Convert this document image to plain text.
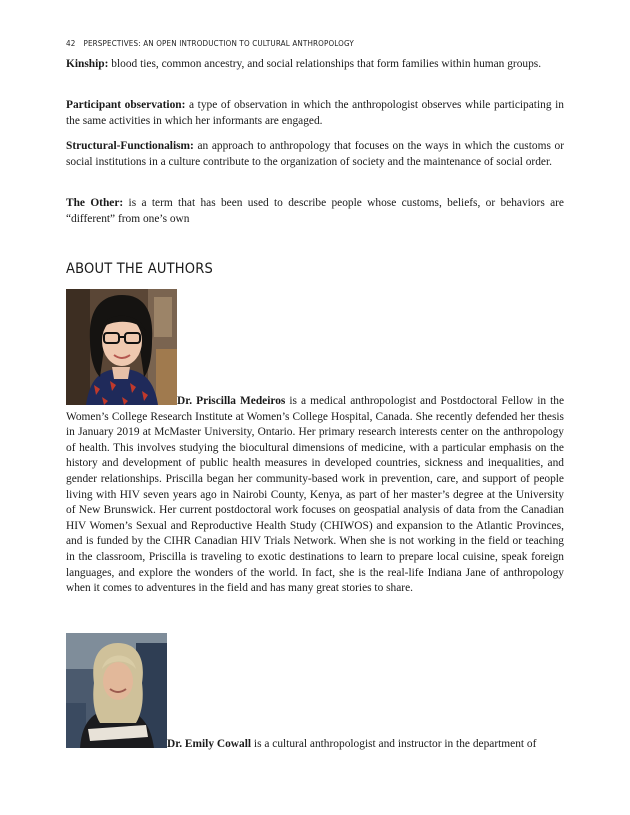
42 PERSPECTIVES: AN OPEN INTRODUCTION TO CULTURAL ANTHROPOLOGY

Kinship: blood ties, common ancestry, and social relationships that form families within human groups.

Participant observation: a type of observation in which the anthropologist observes while participating in the same activities in which her informants are engaged.

Structural-Functionalism: an approach to anthropology that focuses on the ways in which the customs or social institutions in a culture contribute to the organization of society and the maintenance of social order.

The Other: is a term that has been used to describe people whose customs, beliefs, or behaviors are “different” from one’s own

ABOUT THE AUTHORS

Dr. Priscilla Medeiros is a medical anthropologist and Postdoctoral Fellow in the Women’s College Research Institute at Women’s College Hospital, Canada. She recently defended her thesis in January 2019 at McMaster University, Ontario. Her primary research interests center on the anthropology of health. This involves studying the biocultural dimensions of medicine, with a particular emphasis on the history and development of public health measures in developed countries, sickness and inequalities, and gender relationships. Priscilla began her community-based work in prevention, care, and support of people living with HIV seven years ago in Nairobi County, Kenya, as part of her master’s degree at the University of New Brunswick. Her current postdoctoral work focuses on geospatial analysis of data from the Canadian HIV Women’s Sexual and Reproductive Health Study (CHIWOS) and expansion to the Atlantic Provinces, and is funded by the CIHR Canadian HIV Trials Network. When she is not working in the field or teaching in the classroom, Priscilla is traveling to exotic destinations to learn to prepare local cuisine, speak foreign languages, and explore the wonders of the world. In fact, she is the real-life Indiana Jane of anthropology when it comes to adventures in the field and has many great stories to share.

Dr. Emily Cowall is a cultural anthropologist and instructor in the department of
